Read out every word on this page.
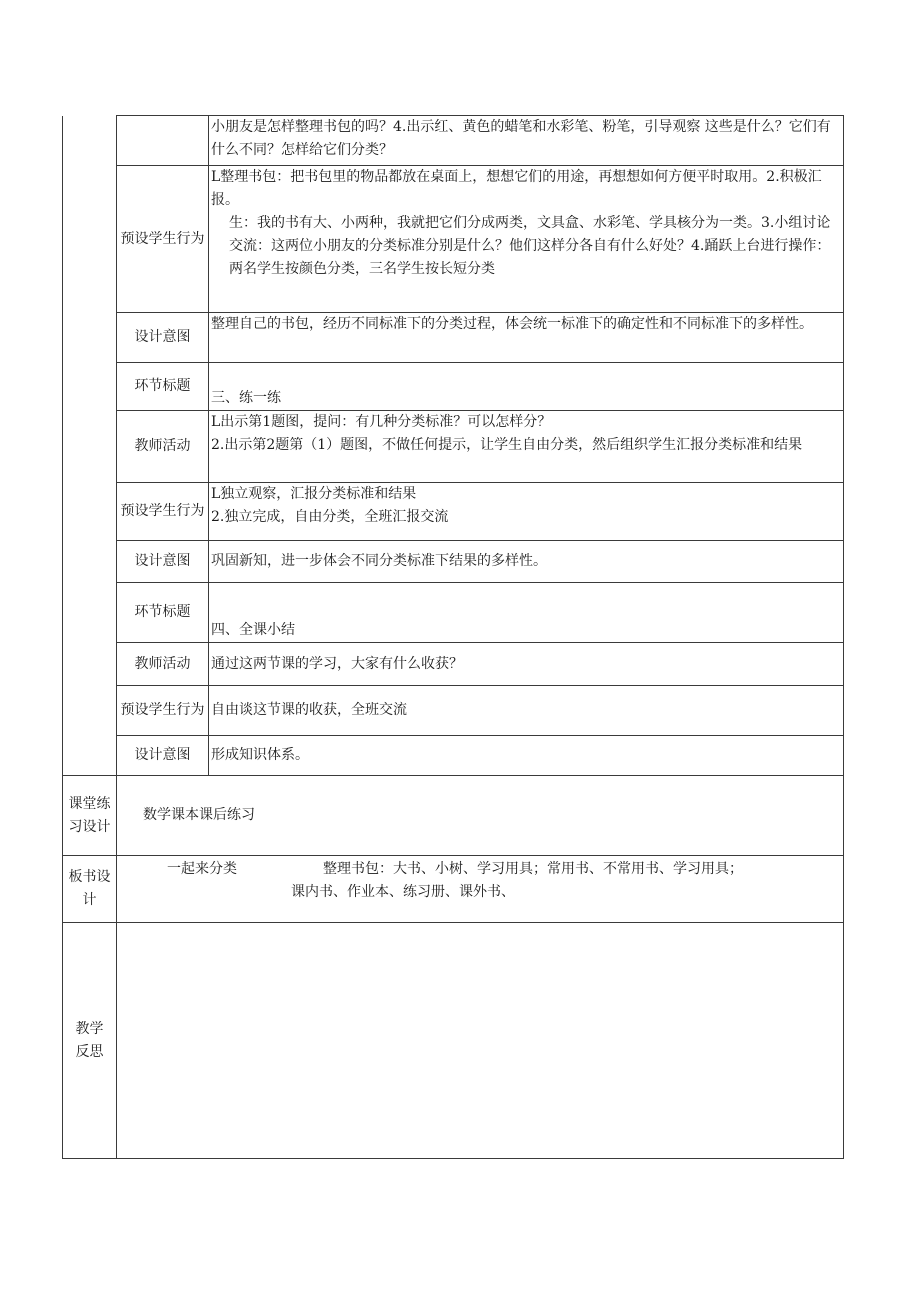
		小朋友是怎样整理书包的吗？4.出示红、黄色的蜡笔和水彩笔、粉笔，引导观察 这些是什么？它们有什么不同？怎样给它们分类？

	预设学生行为	L整理书包：把书包里的物品都放在桌面上，想想它们的用途，再想想如何方便平时取用。2.积极汇报。
生：我的书有大、小两种，我就把它们分成两类，文具盒、水彩笔、学具核分为一类。3.小组讨论交流：这两位小朋友的分类标准分别是什么？他们这样分各自有什么好处？4.踊跃上台进行操作：两名学生按颜色分类，三名学生按长短分类

	设计意图	整理自己的书包，经历不同标准下的分类过程，体会统一标准下的确定性和不同标准下的多样性。

	环节标题	三、练一练

	教师活动	L出示第1题图，提问：有几种分类标准？可以怎样分？
2.出示第2题第（1）题图，不做任何提示，让学生自由分类，然后组织学生汇报分类标准和结果

	预设学生行为	L独立观察，汇报分类标准和结果
2.独立完成，自由分类，全班汇报交流

	设计意图	巩固新知，进一步体会不同分类标准下结果的多样性。

	环节标题	四、全课小结

	教师活动	通过这两节课的学习，大家有什么收获？

	预设学生行为	自由谈这节课的收获，全班交流

	设计意图	形成知识体系。

课堂练习设计	数学课本课后练习	

板书设计	一起来分类 整理书包：大书、小树、学习用具；常用书、不常用书、学习用具；
课内书、作业本、练习册、课外书、	

教学反思		
